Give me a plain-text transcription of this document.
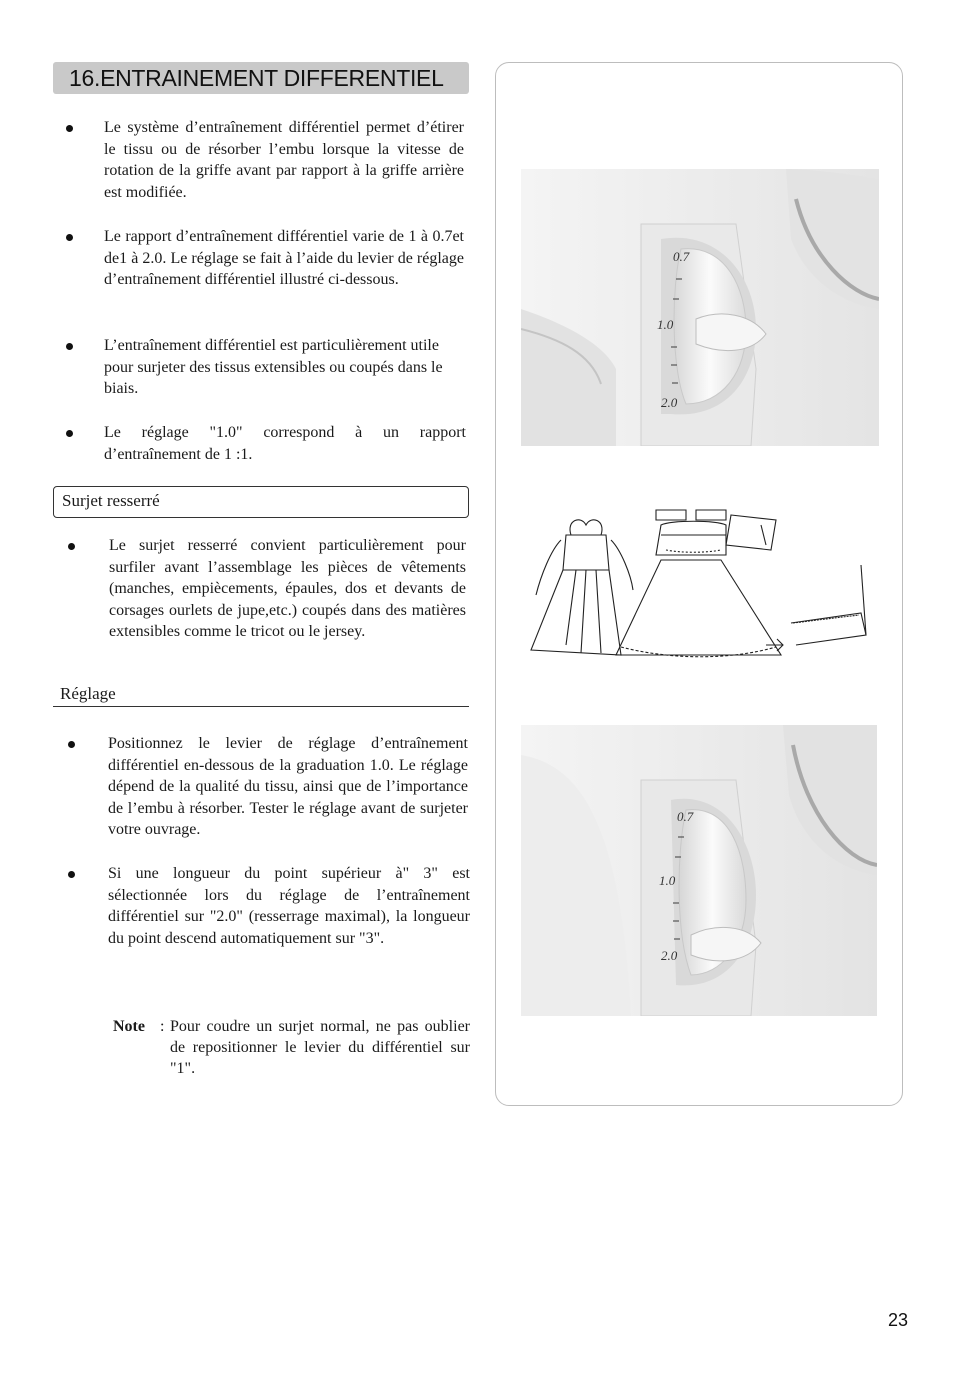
16.ENTRAINEMENT DIFFERENTIEL
Le système d’entraînement différentiel permet d’étirer le tissu ou de résorber l’embu lorsque la vitesse de rotation de la griffe avant par rapport à la griffe arrière est modifiée.
Le rapport d’entraînement différentiel varie de 1 à 0.7et de1 à 2.0. Le réglage se fait à l’aide du levier de réglage d’entraînement différentiel illustré ci-dessous.
L’entraînement différentiel est particulièrement utile pour surjeter des tissus extensibles ou coupés dans le biais.
Le réglage "1.0" correspond à un rapport d’entraînement de 1 :1.
Surjet resserré
Le surjet resserré convient particulièrement pour surfiler avant l’assemblage les pièces de vêtements (manches, empiècements, épaules, dos et devants de corsages ourlets de jupe,etc.) coupés dans des matières extensibles comme le tricot ou le jersey.
Réglage
Positionnez le levier de réglage d’entraînement différentiel en-dessous de la graduation 1.0. Le réglage dépend de la qualité du tissu, ainsi que de l’importance de l’embu à résorber. Tester le réglage avant de surjeter votre ouvrage.
Si une longueur du point supérieur à" 3" est sélectionnée lors du réglage de l’entraînement différentiel sur "2.0" (resserrage maximal), la longueur du point descend automatiquement sur "3".
Note : Pour coudre un surjet normal, ne pas oublier de repositionner le levier du différentiel sur "1".
0.7
1.0
2.0
0.7
1.0
2.0
23
